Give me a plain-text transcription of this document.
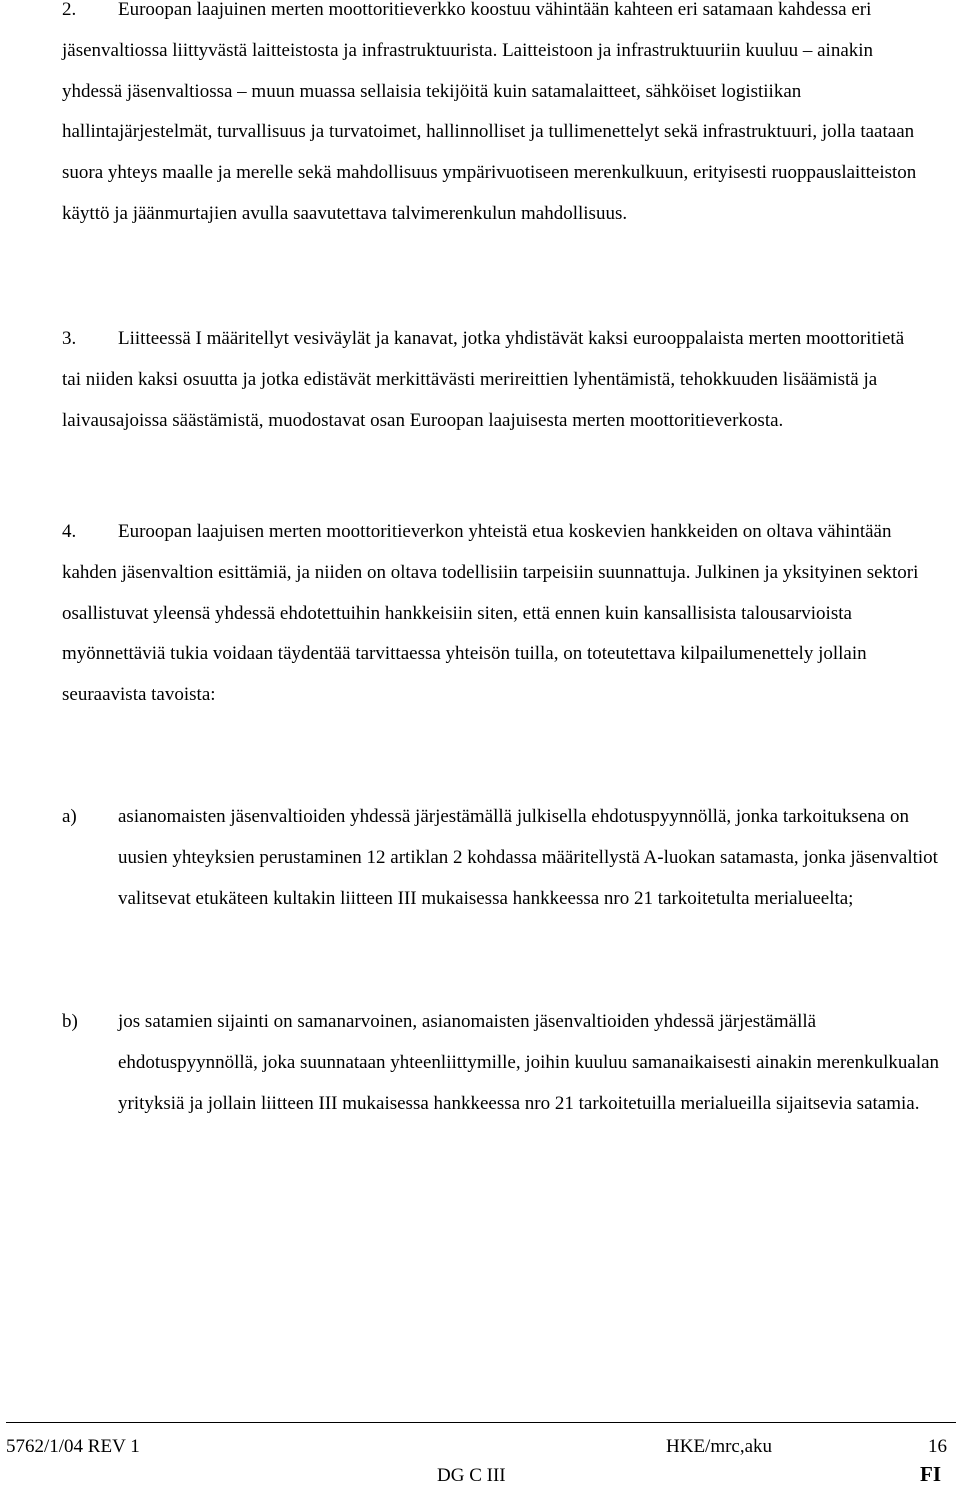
2. Euroopan laajuinen merten moottoritieverkko koostuu vähintään kahteen eri satamaan kahdessa eri jäsenvaltiossa liittyvästä laitteistosta ja infrastruktuurista. Laitteistoon ja infrastruktuuriin kuuluu – ainakin yhdessä jäsenvaltiossa – muun muassa sellaisia tekijöitä kuin satamalaitteet, sähköiset logistiikan hallintajärjestelmät, turvallisuus ja turvatoimet, hallinnolliset ja tullimenettelyt sekä infrastruktuuri, jolla taataan suora yhteys maalle ja merelle sekä mahdollisuus ympärivuotiseen merenkulkuun, erityisesti ruoppauslaitteiston käyttö ja jäänmurtajien avulla saavutettava talvimerenkulun mahdollisuus.

3. Liitteessä I määritellyt vesiväylät ja kanavat, jotka yhdistävät kaksi eurooppalaista merten moottoritietä tai niiden kaksi osuutta ja jotka edistävät merkittävästi merireittien lyhentämistä, tehokkuuden lisäämistä ja laivausajoissa säästämistä, muodostavat osan Euroopan laajuisesta merten moottoritieverkosta.

4. Euroopan laajuisen merten moottoritieverkon yhteistä etua koskevien hankkeiden on oltava vähintään kahden jäsenvaltion esittämiä, ja niiden on oltava todellisiin tarpeisiin suunnattuja. Julkinen ja yksityinen sektori osallistuvat yleensä yhdessä ehdotettuihin hankkeisiin siten, että ennen kuin kansallisista talousarvioista myönnettäviä tukia voidaan täydentää tarvittaessa yhteisön tuilla, on toteutettava kilpailumenettely jollain seuraavista tavoista:

a) asianomaisten jäsenvaltioiden yhdessä järjestämällä julkisella ehdotuspyynnöllä, jonka tarkoituksena on uusien yhteyksien perustaminen 12 artiklan 2 kohdassa määritellystä A-luokan satamasta, jonka jäsenvaltiot valitsevat etukäteen kultakin liitteen III mukaisessa hankkeessa nro 21 tarkoitetulta merialueelta;
b) jos satamien sijainti on samanarvoinen, asianomaisten jäsenvaltioiden yhdessä järjestämällä ehdotuspyynnöllä, joka suunnataan yhteenliittymille, joihin kuuluu samanaikaisesti ainakin merenkulkualan yrityksiä ja jollain liitteen III mukaisessa hankkeessa nro 21 tarkoitetuilla merialueilla sijaitsevia satamia.
5762/1/04 REV 1	HKE/mrc,aku	16
DG C III	FI
